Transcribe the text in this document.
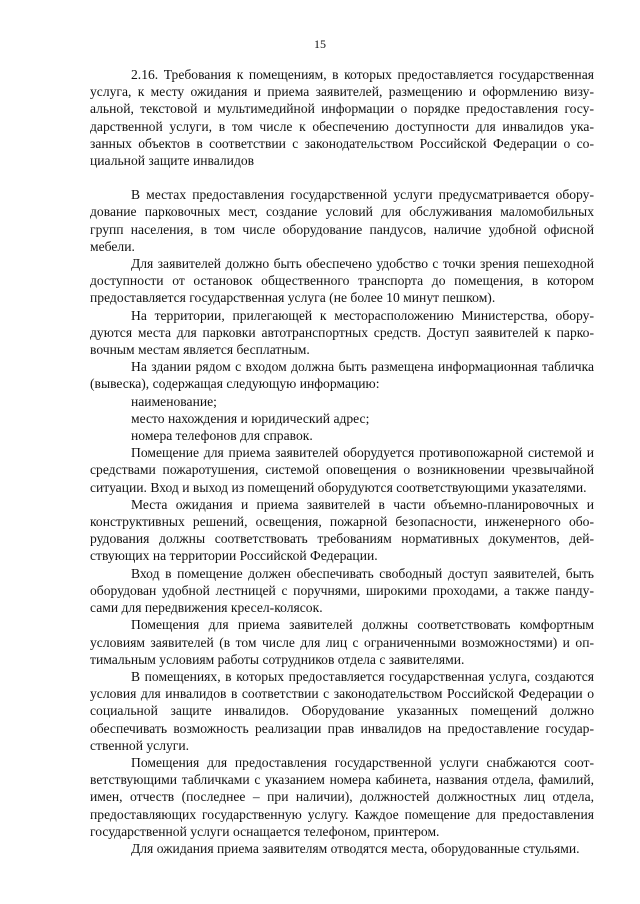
15

2.16. Требования к помещениям, в которых предоставляется государственная услуга, к месту ожидания и приема заявителей, размещению и оформлению визуальной, текстовой и мультимедийной информации о порядке предоставления государственной услуги, в том числе к обеспечению доступности для инвалидов указанных объектов в соответствии с законодательством Российской Федерации о социальной защите инвалидов

В местах предоставления государственной услуги предусматривается оборудование парковочных мест, создание условий для обслуживания маломобильных групп населения, в том числе оборудование пандусов, наличие удобной офисной мебели.

Для заявителей должно быть обеспечено удобство с точки зрения пешеходной доступности от остановок общественного транспорта до помещения, в котором предоставляется государственная услуга (не более 10 минут пешком).

На территории, прилегающей к месторасположению Министерства, оборудуются места для парковки автотранспортных средств. Доступ заявителей к парковочным местам является бесплатным.

На здании рядом с входом должна быть размещена информационная табличка (вывеска), содержащая следующую информацию:

наименование;

место нахождения и юридический адрес;

номера телефонов для справок.

Помещение для приема заявителей оборудуется противопожарной системой и средствами пожаротушения, системой оповещения о возникновении чрезвычайной ситуации. Вход и выход из помещений оборудуются соответствующими указателями.

Места ожидания и приема заявителей в части объемно-планировочных и конструктивных решений, освещения, пожарной безопасности, инженерного оборудования должны соответствовать требованиям нормативных документов, действующих на территории Российской Федерации.

Вход в помещение должен обеспечивать свободный доступ заявителей, быть оборудован удобной лестницей с поручнями, широкими проходами, а также пандусами для передвижения кресел-колясок.

Помещения для приема заявителей должны соответствовать комфортным условиям заявителей (в том числе для лиц с ограниченными возможностями) и оптимальным условиям работы сотрудников отдела с заявителями.

В помещениях, в которых предоставляется государственная услуга, создаются условия для инвалидов в соответствии с законодательством Российской Федерации о социальной защите инвалидов. Оборудование указанных помещений должно обеспечивать возможность реализации прав инвалидов на предоставление государственной услуги.

Помещения для предоставления государственной услуги снабжаются соответствующими табличками с указанием номера кабинета, названия отдела, фамилий, имен, отчеств (последнее – при наличии), должностей должностных лиц отдела, предоставляющих государственную услугу. Каждое помещение для предоставления государственной услуги оснащается телефоном, принтером.

Для ожидания приема заявителям отводятся места, оборудованные стульями.
